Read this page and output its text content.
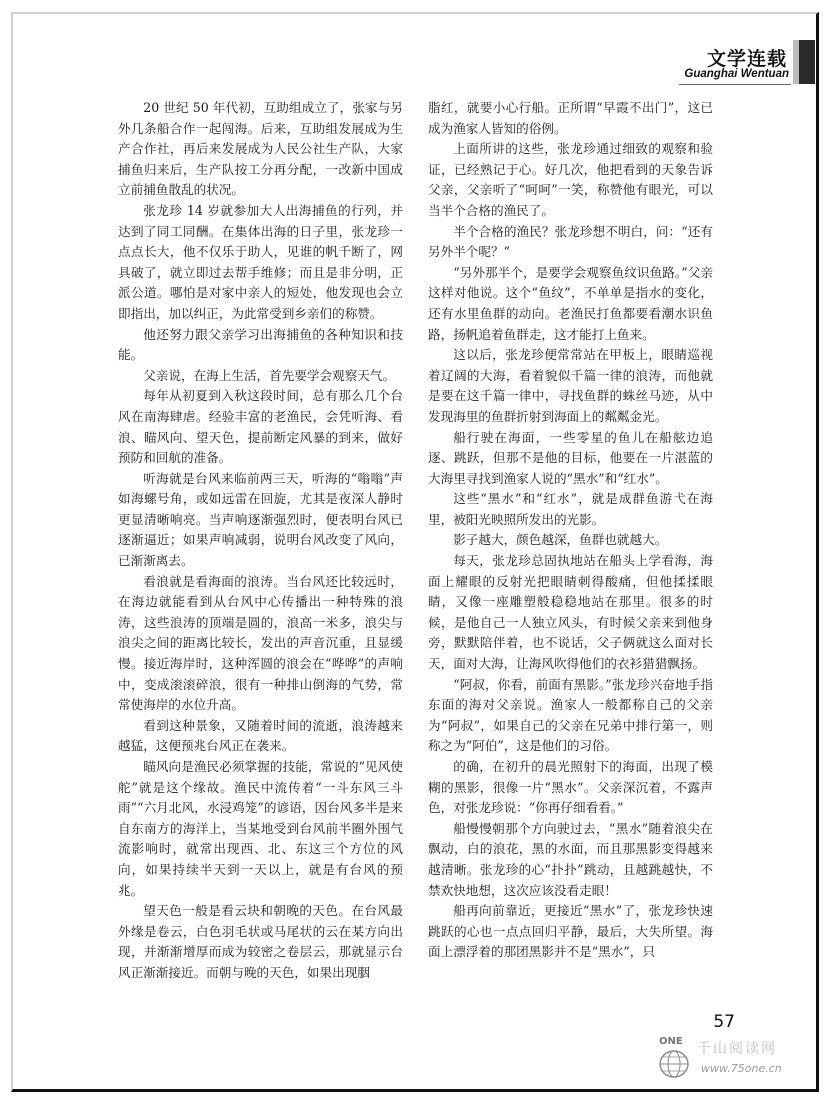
文学连载
Guanghai Wentuan

20 世纪 50 年代初，互助组成立了，张家与另外几条船合作一起闯海。后来，互助组发展成为生产合作社，再后来发展成为人民公社生产队，大家捕鱼归来后，生产队按工分再分配，一改新中国成立前捕鱼散乱的状况。

张龙珍 14 岁就参加大人出海捕鱼的行列，并达到了同工同酬。在集体出海的日子里，张龙珍一点点长大，他不仅乐于助人，见谁的帆千断了，网具破了，就立即过去帮手维修；而且是非分明，正派公道。哪怕是对家中亲人的短处，他发现也会立即指出，加以纠正，为此常受到乡亲们的称赞。

他还努力跟父亲学习出海捕鱼的各种知识和技能。

父亲说，在海上生活，首先要学会观察天气。

每年从初夏到入秋这段时间，总有那么几个台风在南海肆虐。经验丰富的老渔民，会凭听海、看浪、瞄风向、望天色，提前断定风暴的到来，做好预防和回航的准备。

听海就是台风来临前两三天，听海的“嗡嗡”声如海螺号角，或如远雷在回旋，尤其是夜深人静时更显清晰响亮。当声响逐渐强烈时，便表明台风已逐渐逼近；如果声响减弱，说明台风改变了风向，已渐渐离去。

看浪就是看海面的浪涛。当台风还比较远时，在海边就能看到从台风中心传播出一种特殊的浪涛，这些浪涛的顶端是圆的，浪高一米多，浪尖与浪尖之间的距离比较长，发出的声音沉重，且显缓慢。接近海岸时，这种浑圆的浪会在“哗哗”的声响中，变成滚滚碎浪，很有一种排山倒海的气势，常常使海岸的水位升高。

看到这种景象，又随着时间的流逝，浪涛越来越猛，这便预兆台风正在袭来。

瞄风向是渔民必须掌握的技能，常说的“见风使舵”就是这个缘故。渔民中流传着“一斗东风三斗雨”“六月北风，水浸鸡笼”的谚语，因台风多半是来自东南方的海洋上，当某地受到台风前半圈外围气流影响时，就常出现西、北、东这三个方位的风向，如果持续半天到一天以上，就是有台风的预兆。

望天色一般是看云块和朝晚的天色。在台风最外缘是卷云，白色羽毛状或马尾状的云在某方向出现，并渐渐增厚而成为较密之卷层云，那就显示台风正渐渐接近。而朝与晚的天色，如果出现胭

脂红，就要小心行船。正所谓“早霞不出门”，这已成为渔家人皆知的俗例。

上面所讲的这些，张龙珍通过细致的观察和验证，已经熟记于心。好几次，他把看到的天象告诉父亲，父亲听了“呵呵”一笑，称赞他有眼光，可以当半个合格的渔民了。

半个合格的渔民？张龙珍想不明白，问：“还有另外半个呢？”

“另外那半个，是要学会观察鱼纹识鱼路。”父亲这样对他说。这个“鱼纹”，不单单是指水的变化，还有水里鱼群的动向。老渔民打鱼都要看潮水识鱼路，扬帆追着鱼群走，这才能打上鱼来。

这以后，张龙珍便常常站在甲板上，眼睛巡视着辽阔的大海，看着貌似千篇一律的浪涛，而他就是要在这千篇一律中，寻找鱼群的蛛丝马迹，从中发现海里的鱼群折射到海面上的粼粼金光。

船行驶在海面，一些零星的鱼儿在船舷边追逐、跳跃，但那不是他的目标，他要在一片湛蓝的大海里寻找到渔家人说的“黑水”和“红水”。

这些“黑水”和“红水”，就是成群鱼游弋在海里，被阳光映照所发出的光影。

影子越大，颜色越深，鱼群也就越大。

每天，张龙珍总固执地站在船头上学看海，海面上耀眼的反射光把眼睛刺得酸痛，但他揉揉眼睛，又像一座雕塑般稳稳地站在那里。很多的时候，是他自己一人独立风头，有时候父亲来到他身旁，默默陪伴着，也不说话，父子俩就这么面对长天，面对大海，让海风吹得他们的衣衫猎猎飘扬。

“阿叔，你看，前面有黑影。”张龙珍兴奋地手指东面的海对父亲说。渔家人一般都称自己的父亲为“阿叔”，如果自己的父亲在兄弟中排行第一，则称之为“阿伯”，这是他们的习俗。

的确，在初升的晨光照射下的海面，出现了模糊的黑影，很像一片“黑水”。父亲深沉着，不露声色，对张龙珍说：“你再仔细看看。”

船慢慢朝那个方向驶过去，“黑水”随着浪尖在飘动，白的浪花，黑的水面，而且那黑影变得越来越清晰。张龙珍的心“扑扑”跳动，且越跳越快，不禁欢快地想，这次应该没看走眼！

船再向前靠近，更接近“黑水”了，张龙珍快速跳跃的心也一点点回归平静，最后，大失所望。海面上漂浮着的那团黑影并不是“黑水”，只

57
ONE 千山阅读网
www.75one.cn
